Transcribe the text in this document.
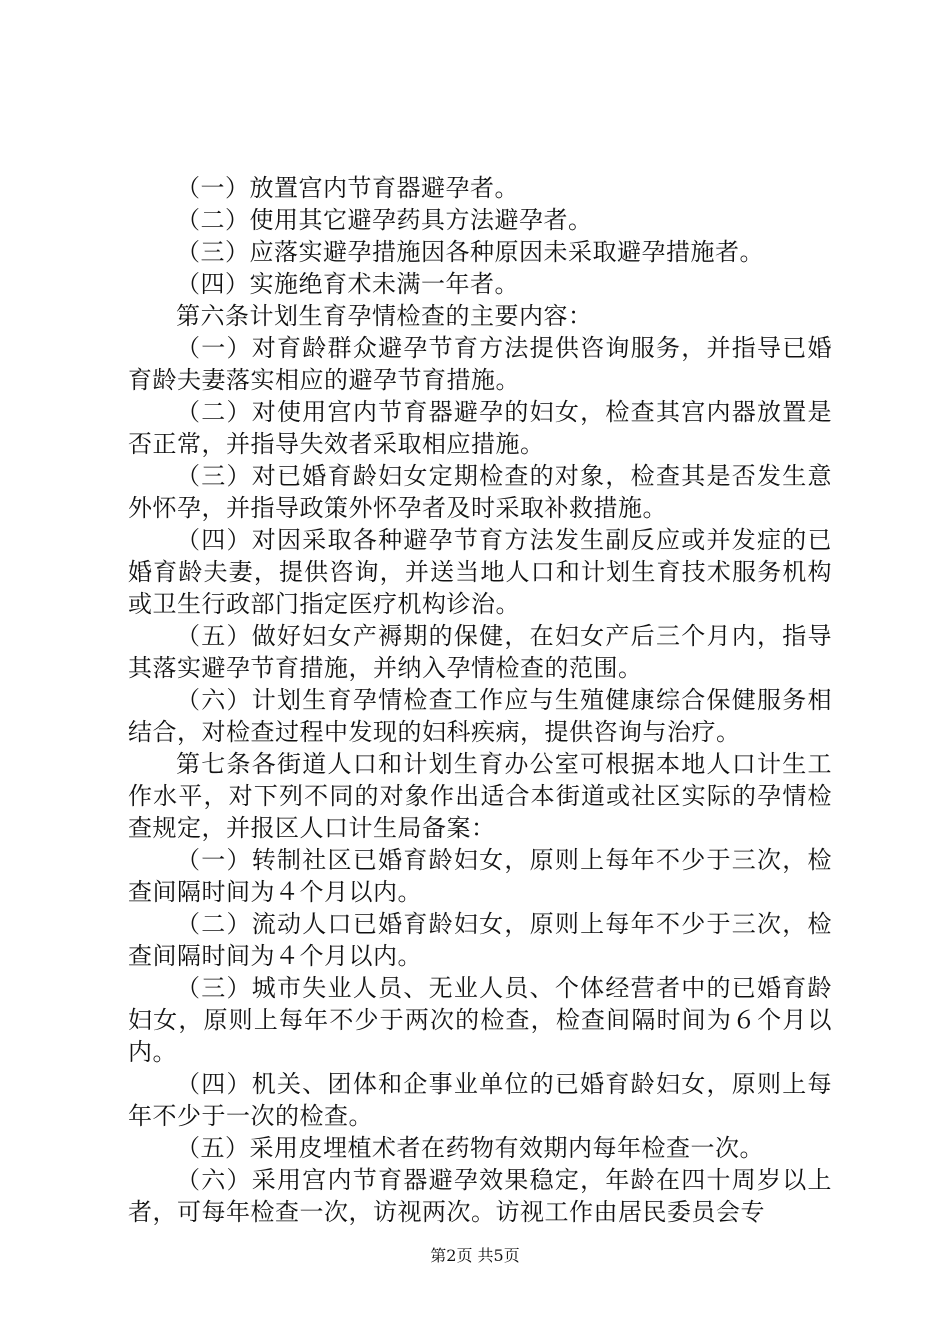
（一）放置宫内节育器避孕者。

（二）使用其它避孕药具方法避孕者。

（三）应落实避孕措施因各种原因未采取避孕措施者。

（四）实施绝育术未满一年者。

第六条计划生育孕情检查的主要内容：

（一）对育龄群众避孕节育方法提供咨询服务，并指导已婚育龄夫妻落实相应的避孕节育措施。

（二）对使用宫内节育器避孕的妇女，检查其宫内器放置是否正常，并指导失效者采取相应措施。

（三）对已婚育龄妇女定期检查的对象，检查其是否发生意外怀孕，并指导政策外怀孕者及时采取补救措施。

（四）对因采取各种避孕节育方法发生副反应或并发症的已婚育龄夫妻，提供咨询，并送当地人口和计划生育技术服务机构或卫生行政部门指定医疗机构诊治。

（五）做好妇女产褥期的保健，在妇女产后三个月内，指导其落实避孕节育措施，并纳入孕情检查的范围。

（六）计划生育孕情检查工作应与生殖健康综合保健服务相结合，对检查过程中发现的妇科疾病，提供咨询与治疗。

第七条各街道人口和计划生育办公室可根据本地人口计生工作水平，对下列不同的对象作出适合本街道或社区实际的孕情检查规定，并报区人口计生局备案：

（一）转制社区已婚育龄妇女，原则上每年不少于三次，检查间隔时间为４个月以内。

（二）流动人口已婚育龄妇女，原则上每年不少于三次，检查间隔时间为４个月以内。

（三）城市失业人员、无业人员、个体经营者中的已婚育龄妇女，原则上每年不少于两次的检查，检查间隔时间为６个月以内。

（四）机关、团体和企事业单位的已婚育龄妇女，原则上每年不少于一次的检查。

（五）采用皮埋植术者在药物有效期内每年检查一次。

（六）采用宫内节育器避孕效果稳定，年龄在四十周岁以上者，可每年检查一次，访视两次。访视工作由居民委员会专

第2页 共5页
